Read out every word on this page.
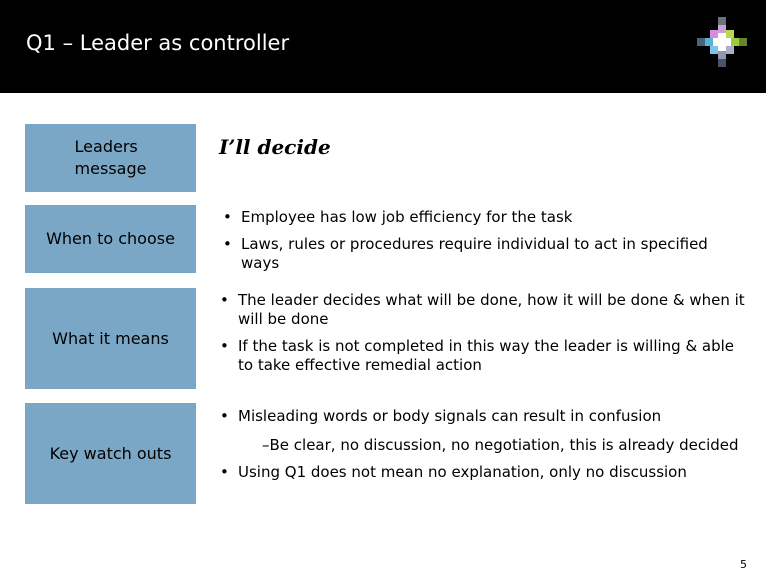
Q1 – Leader as controller
Leaders
message
I’ll decide
When to choose
• Employee has low job efficiency for the task
• Laws, rules or procedures require individual to act in specified ways
What it means
• The leader decides what will be done, how it will be done & when it will be done
• If the task is not completed in this way the leader is willing & able to take effective remedial action
Key watch outs
• Misleading words or body signals can result in confusion
–Be clear, no discussion, no negotiation, this is already decided
• Using Q1 does not mean no explanation, only no discussion
5
